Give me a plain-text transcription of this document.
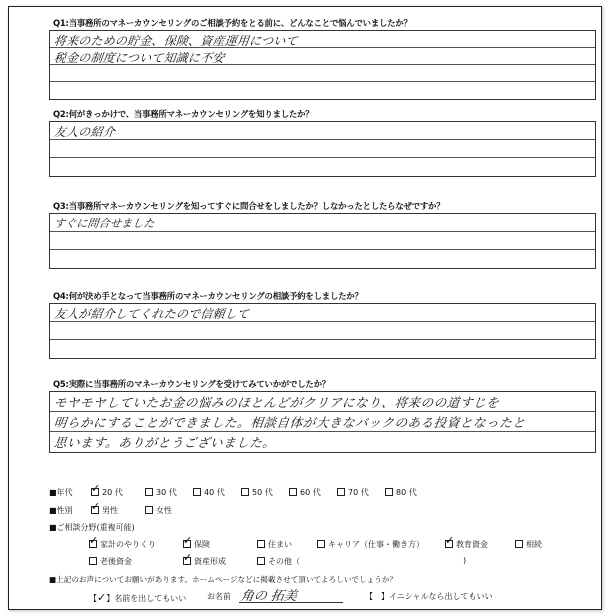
Q1:当事務所のマネーカウンセリングのご相談予約をとる前に、どんなことで悩んでいましたか？
将来のための貯金、保険、資産運用について
税金の制度について知識に不安
Q2:何がきっかけで、当事務所マネーカウンセリングを知りましたか？
友人の紹介
Q3:当事務所マネーカウンセリングを知ってすぐに問合せをしましたか？しなかったとしたらなぜですか？
すぐに問合せました
Q4:何が決め手となって当事務所のマネーカウンセリングの相談予約をしましたか？
友人が紹介してくれたので信頼して
Q5:実際に当事務所のマネーカウンセリングを受けてみていかがでしたか？
モヤモヤしていたお金の悩みのほとんどがクリアになり、将来のの道すじを
明らかにすることができました。相談自体が大きなバックのある投資となったと
思います。ありがとうございました。
■年代 ✓	20 代	30 代	40 代	50 代	60 代	70 代	80 代
■性別 ✓	男性	女性
■ご相談分野(重複可能)
✓家計のやりくり ✓	保険	住まい	キャリア（仕事・働き方） ✓	教育資金	相続
老後資金 ✓	資産形成	その他（	)
■上記のお声についてお願いがあります。ホームページなどに掲載させて頂いてよろしいでしょうか？
【✓】名前を出してもいい	お名前 角の 拓美	【 】イニシャルなら出してもいい
